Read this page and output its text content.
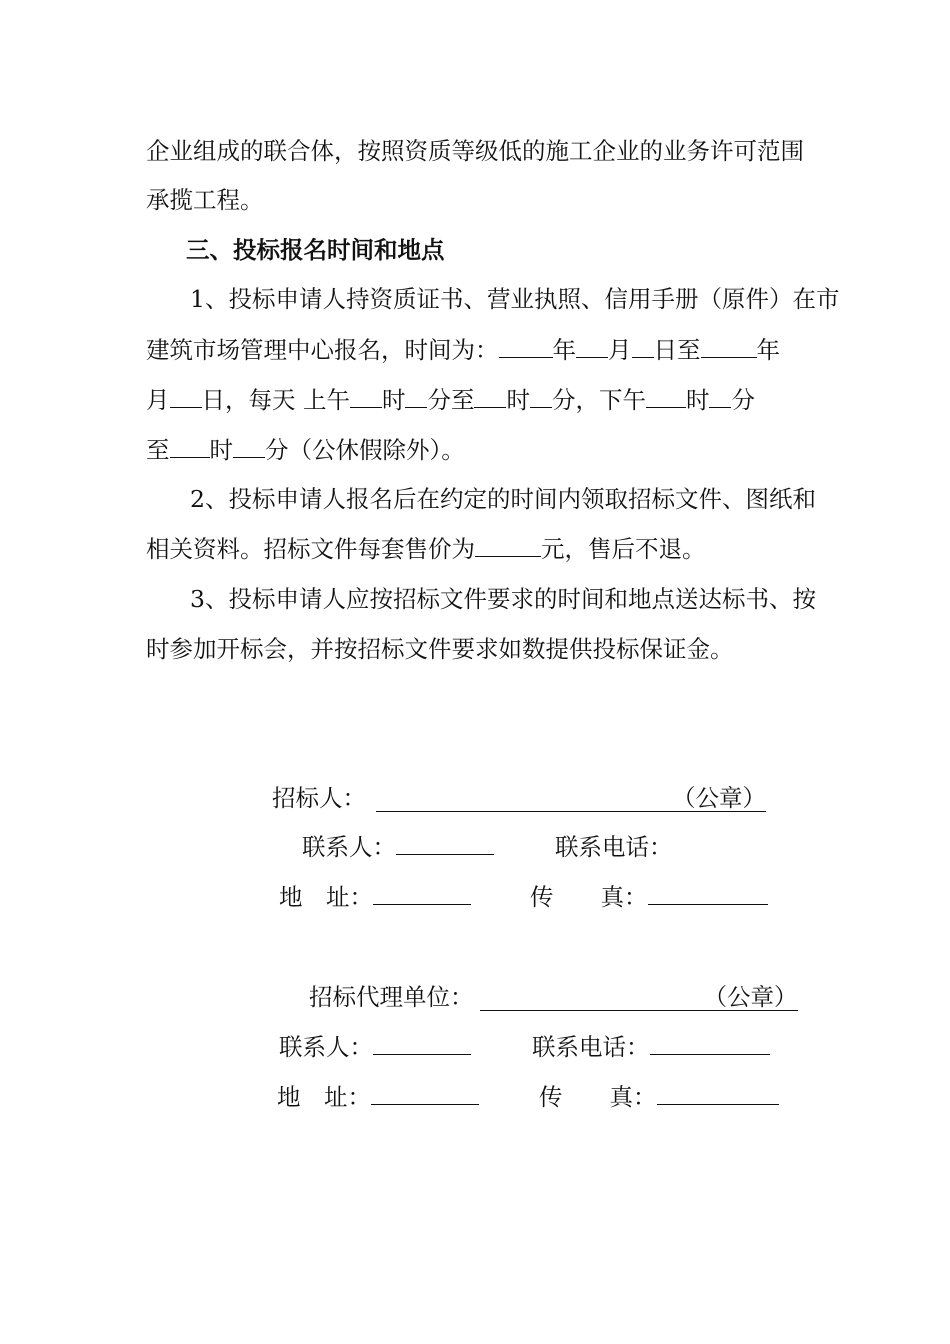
企业组成的联合体，按照资质等级低的施工企业的业务许可范围
承揽工程。
三、投标报名时间和地点
1、投标申请人持资质证书、营业执照、信用手册（原件）在市
建筑市场管理中心报名，时间为： 年 月 日至 年
月 日，每天 上午 时 分至 时 分，下午 时 分
至 时 分（公休假除外）。
2、投标申请人报名后在约定的时间内领取招标文件、图纸和
相关资料。招标文件每套售价为	元，售后不退。
3、投标申请人应按招标文件要求的时间和地点送达标书、按
时参加开标会，并按招标文件要求如数提供投标保证金。
招标人：	（公章）
联系人：	联系电话：
地　址：	传　　真：
招标代理单位：	（公章）
联系人：	联系电话：
地　址：	传　　真：
